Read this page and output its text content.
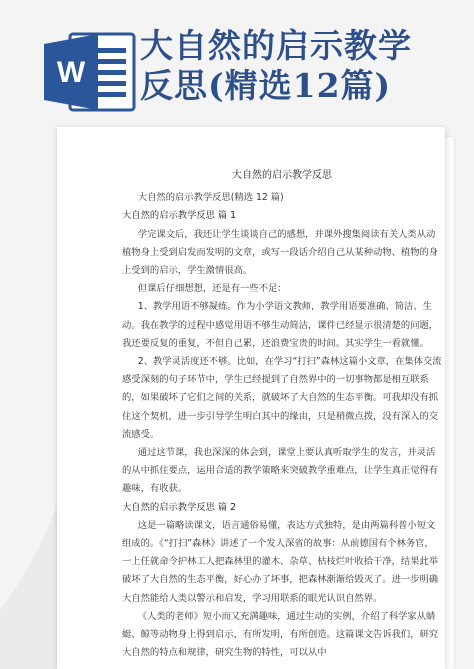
W
大自然的启示教学
反思(精选12篇)

大自然的启示教学反思

大自然的启示教学反思(精选 12 篇)

大自然的启示教学反思 篇 1

学完课文后，我还让学生谈谈自己的感想，并课外搜集阅读有关人类从动植物身上受到启发而发明的文章，或写一段话介绍自己从某种动物、植物的身上受到的启示，学生激情很高。

但课后仔细想想，还是有一些不足：

1、教学用语不够凝练。作为小学语文教师，教学用语要准确、简洁、生动。我在教学的过程中感觉用语不够生动简洁，课件已经显示很清楚的问题，我还要反复的重复，不但自己累，还浪费宝贵的时间。其实学生一看就懂。

2、教学灵活度还不够。比如，在学习“打扫”森林这篇小文章，在集体交流感受深刻的句子环节中，学生已经提到了自然界中的一切事物都是相互联系的，如果破坏了它们之间的关系，就破坏了大自然的生态平衡。可我却没有抓住这个契机，进一步引导学生明白其中的缘由，只是稍微点拨，没有深入的交流感受。

通过这节课，我也深深的体会到，课堂上要认真听取学生的发言，并灵活的从中抓住要点，运用合适的教学策略来突破教学重难点，让学生真正觉得有趣味，有收获。

大自然的启示教学反思 篇 2

这是一篇略读课文，语言通俗易懂，表达方式独特，是由两篇科普小短文组成的。《“打扫”森林》讲述了一个发人深省的故事：从前德国有个林务官，一上任就命令护林工人把森林里的灌木、杂草、枯枝烂叶收拾干净，结果此举破坏了大自然的生态平衡，好心办了坏事，把森林渐渐给毁灭了。进一步明确大自然能给人类以警示和启发，学习用联系的眼光认识自然界。

《人类的老师》短小而又充满趣味，通过生动的实例，介绍了科学家从蜻蜓、鲸等动物身上得到启示，有所发明，有所创造。这篇课文告诉我们，研究大自然的特点和规律，研究生物的特性，可以从中
